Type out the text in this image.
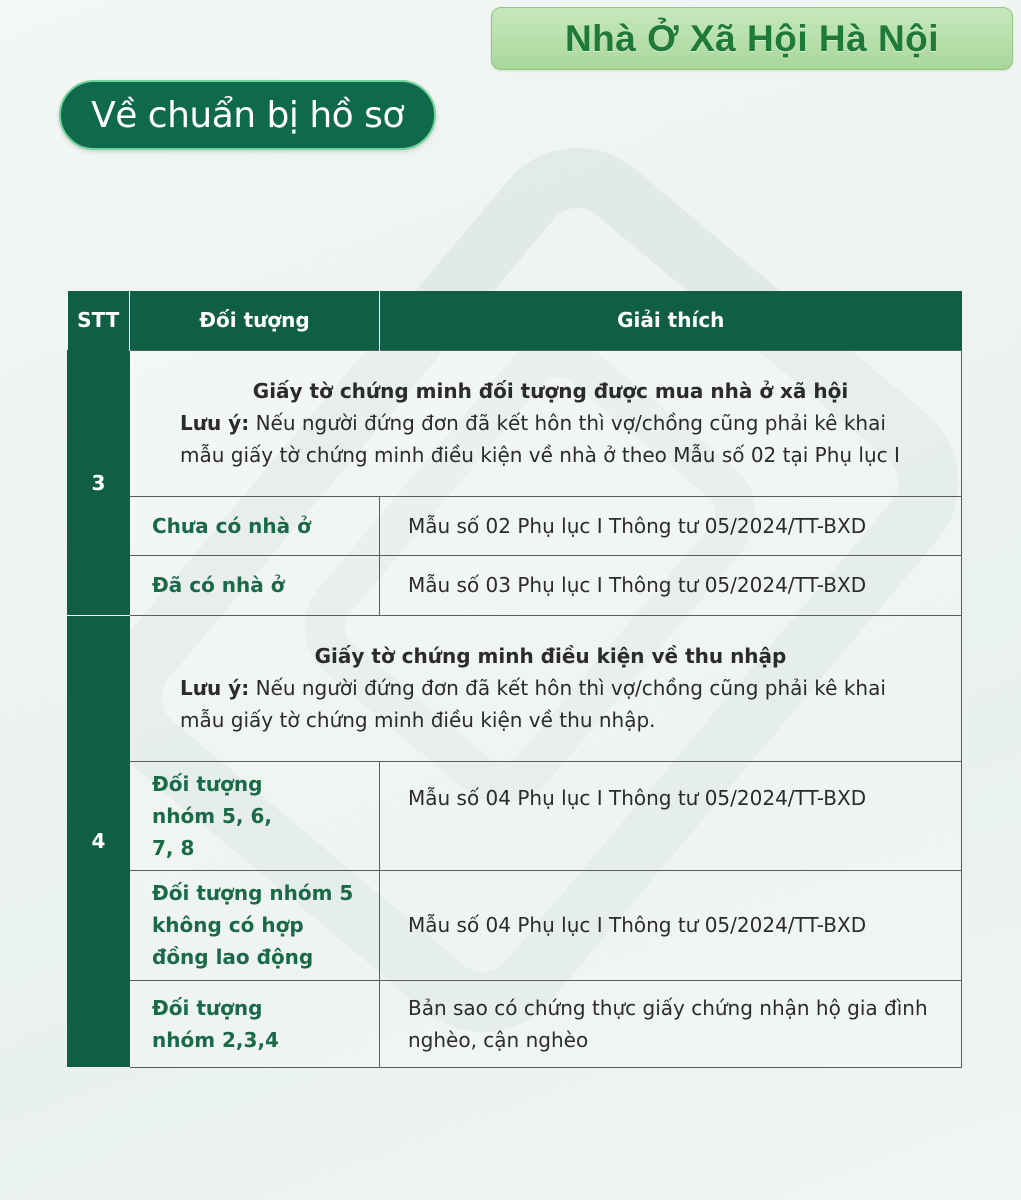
Nhà Ở Xã Hội Hà Nội
Về chuẩn bị hồ sơ
STT	Đối tượng	Giải thích
3	Giấy tờ chứng minh đối tượng được mua nhà ở xã hội
Lưu ý: Nếu người đứng đơn đã kết hôn thì vợ/chồng cũng phải kê khai mẫu giấy tờ chứng minh điều kiện về nhà ở theo Mẫu số 02 tại Phụ lục I	
	Chưa có nhà ở	Mẫu số 02 Phụ lục I Thông tư 05/2024/TT-BXD
	Đã có nhà ở	Mẫu số 03 Phụ lục I Thông tư 05/2024/TT-BXD
4	Giấy tờ chứng minh điều kiện về thu nhập
Lưu ý: Nếu người đứng đơn đã kết hôn thì vợ/chồng cũng phải kê khai mẫu giấy tờ chứng minh điều kiện về thu nhập.	
	Đối tượng nhóm 5, 6, 7, 8	Mẫu số 04 Phụ lục I Thông tư 05/2024/TT-BXD
	Đối tượng nhóm 5 không có hợp đồng lao động	Mẫu số 04 Phụ lục I Thông tư 05/2024/TT-BXD
	Đối tượng nhóm 2,3,4	Bản sao có chứng thực giấy chứng nhận hộ gia đình nghèo, cận nghèo
